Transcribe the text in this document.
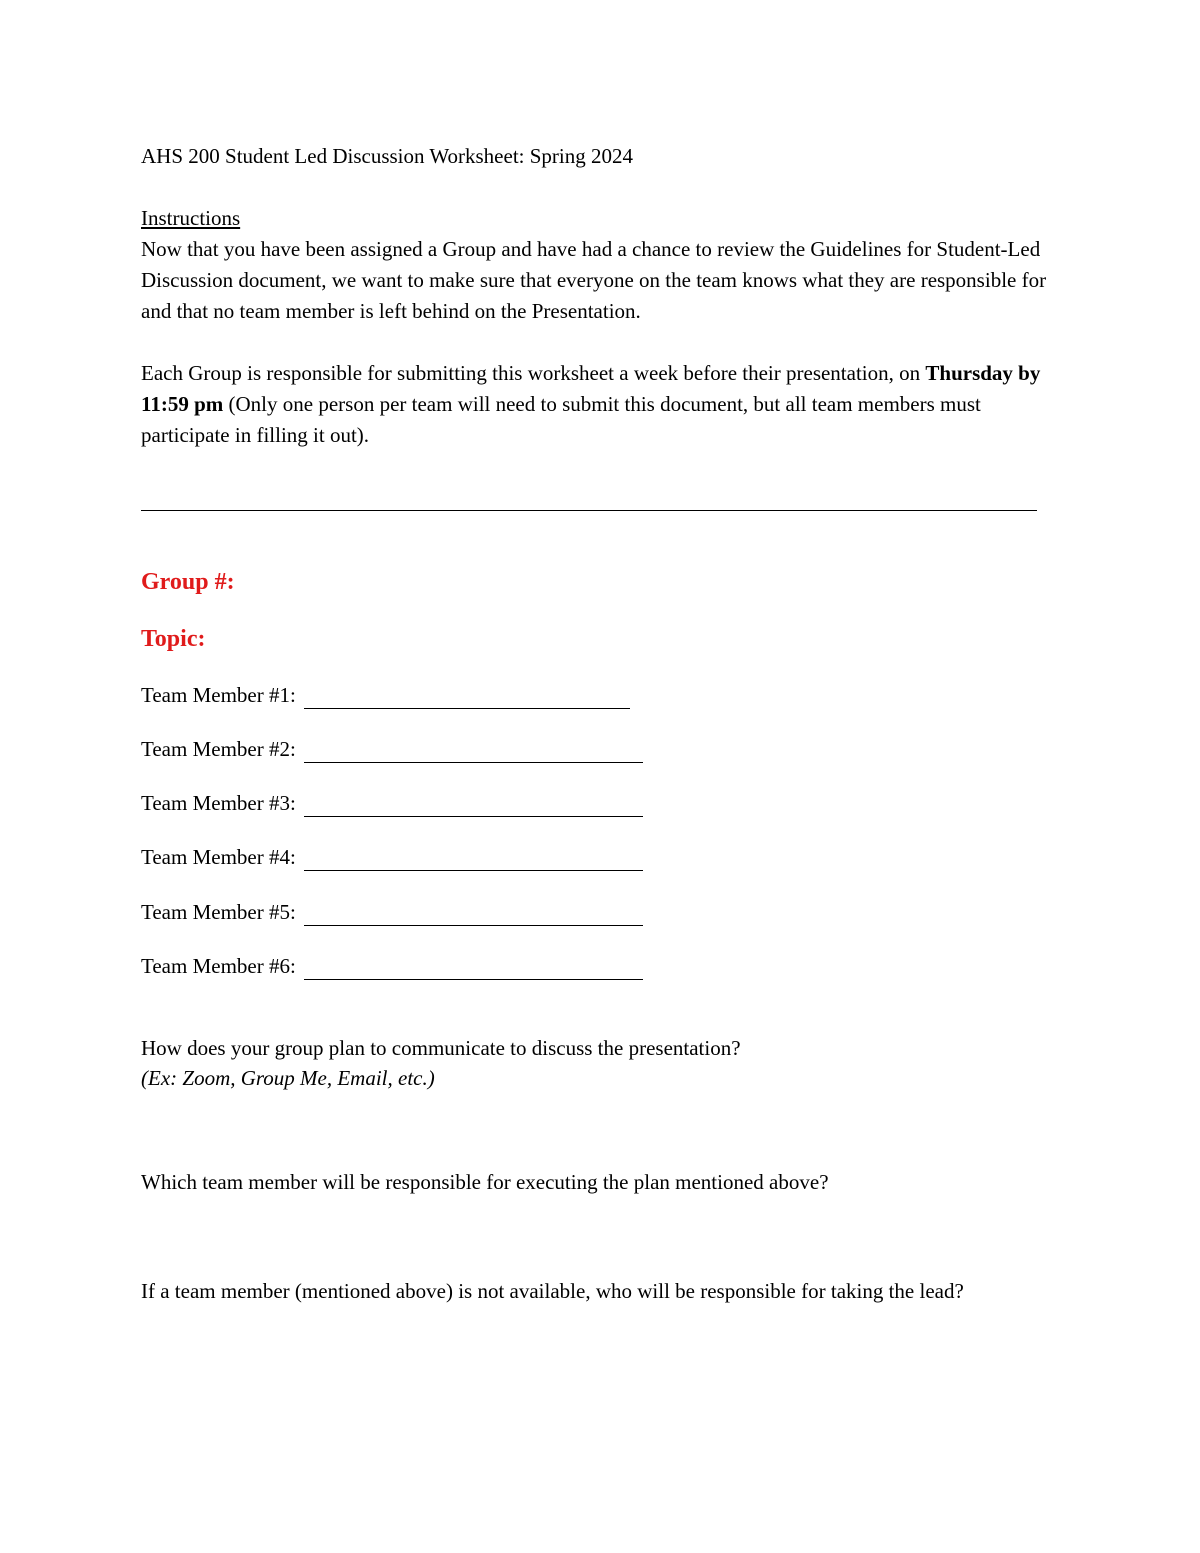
AHS 200 Student Led Discussion Worksheet: Spring 2024

Instructions

Now that you have been assigned a Group and have had a chance to review the Guidelines for Student-Led Discussion document, we want to make sure that everyone on the team knows what they are responsible for and that no team member is left behind on the Presentation.

Each Group is responsible for submitting this worksheet a week before their presentation, on Thursday by 11:59 pm (Only one person per team will need to submit this document, but all team members must participate in filling it out).

Group #:

Topic:

Team Member #1:
Team Member #2:
Team Member #3:
Team Member #4:
Team Member #5:
Team Member #6:

How does your group plan to communicate to discuss the presentation?

(Ex: Zoom, Group Me, Email, etc.)

Which team member will be responsible for executing the plan mentioned above?

If a team member (mentioned above) is not available, who will be responsible for taking the lead?
